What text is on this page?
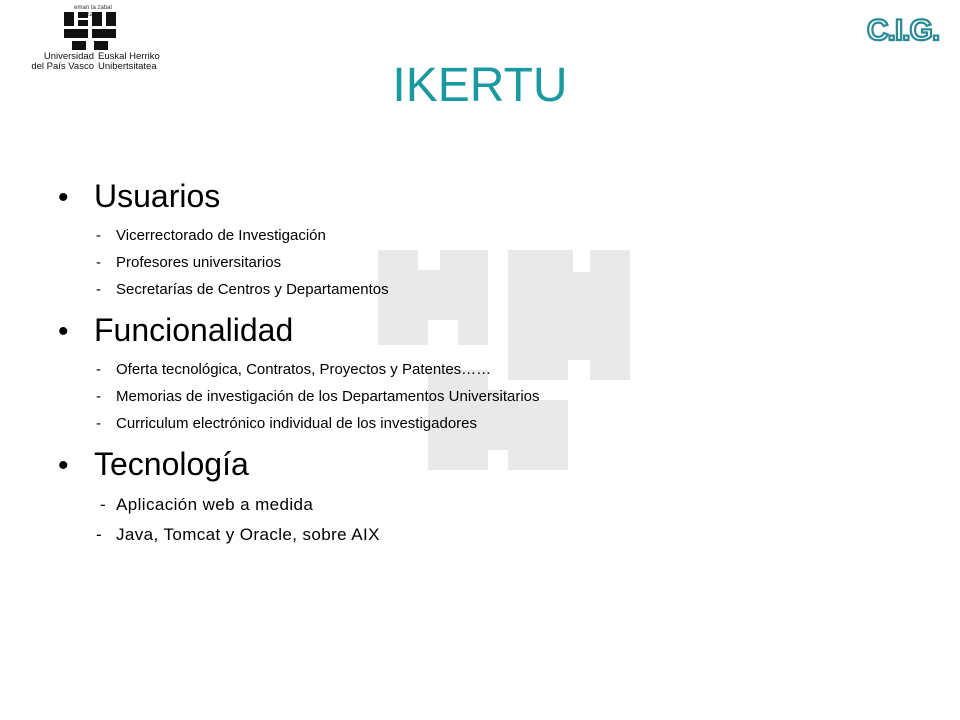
eman ta zabal
Universidad
del País Vasco
Euskal Herriko
Unibertsitatea
C.I.G.
IKERTU
• Usuarios
-	Vicerrectorado de Investigación
-	Profesores universitarios
-	Secretarías de Centros y Departamentos
• Funcionalidad
-	Oferta tecnológica, Contratos, Proyectos y Patentes……
-	Memorias de investigación de los Departamentos Universitarios
-	Curriculum electrónico individual de los investigadores
• Tecnología
- Aplicación web a medida
- Java, Tomcat y Oracle, sobre AIX
